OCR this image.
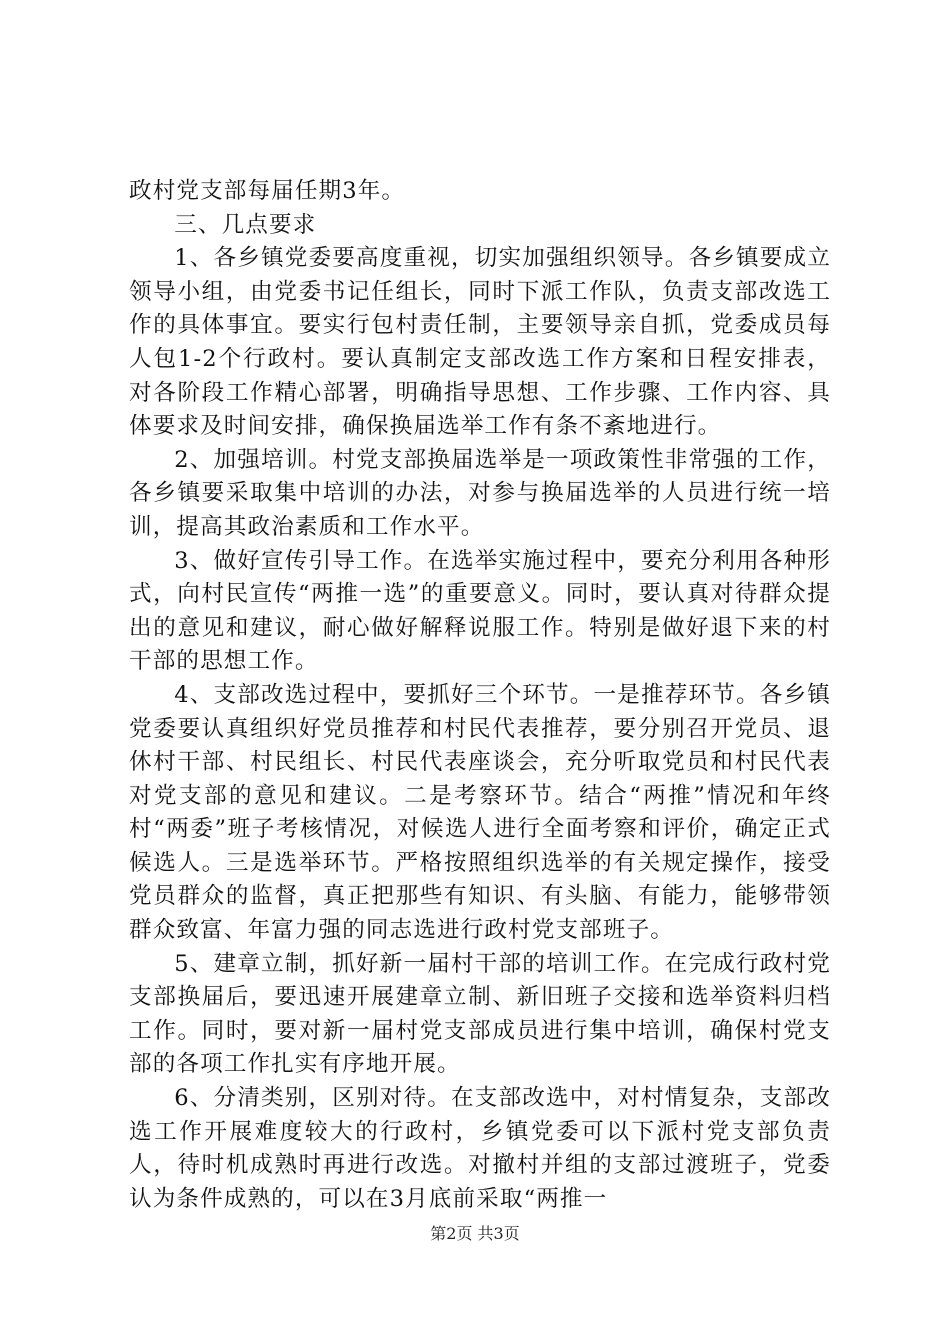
政村党支部每届任期3年。

三、几点要求

1、各乡镇党委要高度重视，切实加强组织领导。各乡镇要成立领导小组，由党委书记任组长，同时下派工作队，负责支部改选工作的具体事宜。要实行包村责任制，主要领导亲自抓，党委成员每人包1-2个行政村。要认真制定支部改选工作方案和日程安排表，对各阶段工作精心部署，明确指导思想、工作步骤、工作内容、具体要求及时间安排，确保换届选举工作有条不紊地进行。

2、加强培训。村党支部换届选举是一项政策性非常强的工作，各乡镇要采取集中培训的办法，对参与换届选举的人员进行统一培训，提高其政治素质和工作水平。

3、做好宣传引导工作。在选举实施过程中，要充分利用各种形式，向村民宣传“两推一选”的重要意义。同时，要认真对待群众提出的意见和建议，耐心做好解释说服工作。特别是做好退下来的村干部的思想工作。

4、支部改选过程中，要抓好三个环节。一是推荐环节。各乡镇党委要认真组织好党员推荐和村民代表推荐，要分别召开党员、退休村干部、村民组长、村民代表座谈会，充分听取党员和村民代表对党支部的意见和建议。二是考察环节。结合“两推”情况和年终村“两委”班子考核情况，对候选人进行全面考察和评价，确定正式候选人。三是选举环节。严格按照组织选举的有关规定操作，接受党员群众的监督，真正把那些有知识、有头脑、有能力，能够带领群众致富、年富力强的同志选进行政村党支部班子。

5、建章立制，抓好新一届村干部的培训工作。在完成行政村党支部换届后，要迅速开展建章立制、新旧班子交接和选举资料归档工作。同时，要对新一届村党支部成员进行集中培训，确保村党支部的各项工作扎实有序地开展。

6、分清类别，区别对待。在支部改选中，对村情复杂，支部改选工作开展难度较大的行政村，乡镇党委可以下派村党支部负责人，待时机成熟时再进行改选。对撤村并组的支部过渡班子，党委认为条件成熟的，可以在3月底前采取“两推一

第2页 共3页
